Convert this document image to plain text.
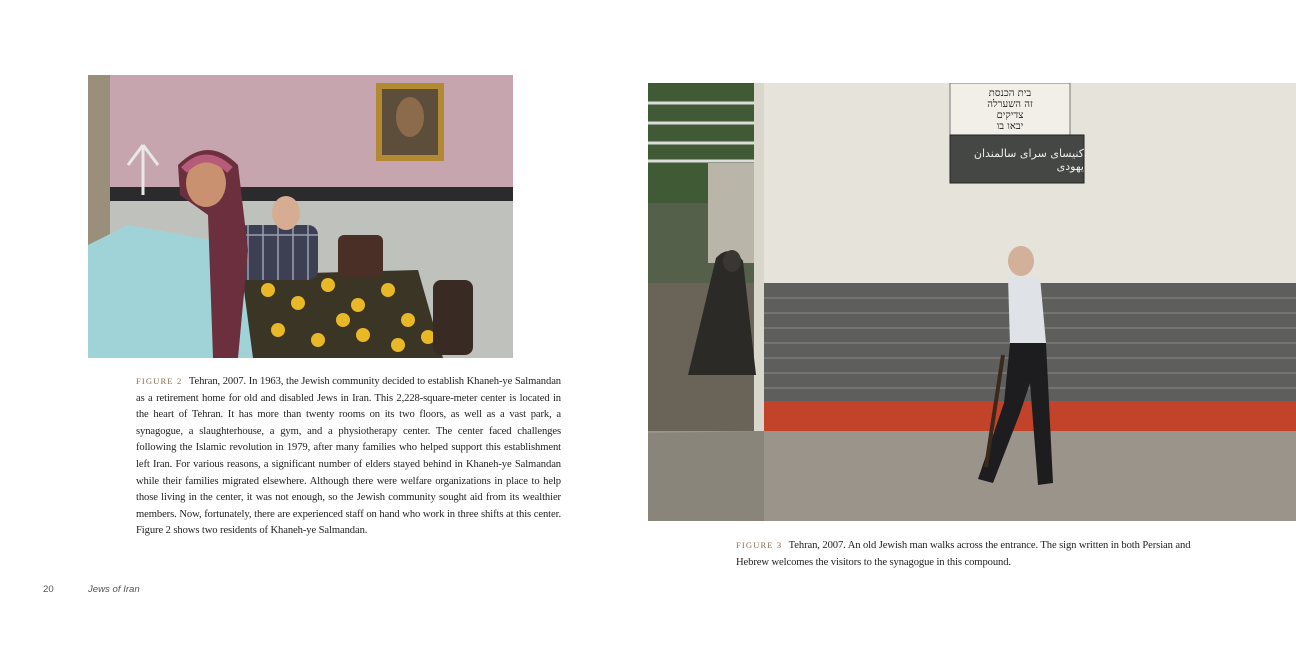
FIGURE 2 Tehran, 2007. In 1963, the Jewish community decided to establish Khaneh-ye Salmandan as a retirement home for old and disabled Jews in Iran. This 2,228-square-meter center is located in the heart of Tehran. It has more than twenty rooms on its two floors, as well as a vast park, a synagogue, a slaughterhouse, a gym, and a physiotherapy center. The center faced challenges following the Islamic revolution in 1979, after many families who helped support this establishment left Iran. For various reasons, a significant number of elders stayed behind in Khaneh-ye Salmandan while their families migrated elsewhere. Although there were welfare organizations in place to help those living in the center, it was not enough, so the Jewish community sought aid from its wealthier members. Now, fortunately, there are experienced staff on hand who work in three shifts at this center. Figure 2 shows two residents of Khaneh-ye Salmandan.
20	Jews of Iran
בית הכנסת
זה השערלה
צדיקים
יבאו בו
کنیسای سرای سالمندان یهودی
FIGURE 3 Tehran, 2007. An old Jewish man walks across the entrance. The sign written in both Persian and Hebrew welcomes the visitors to the synagogue in this compound.
